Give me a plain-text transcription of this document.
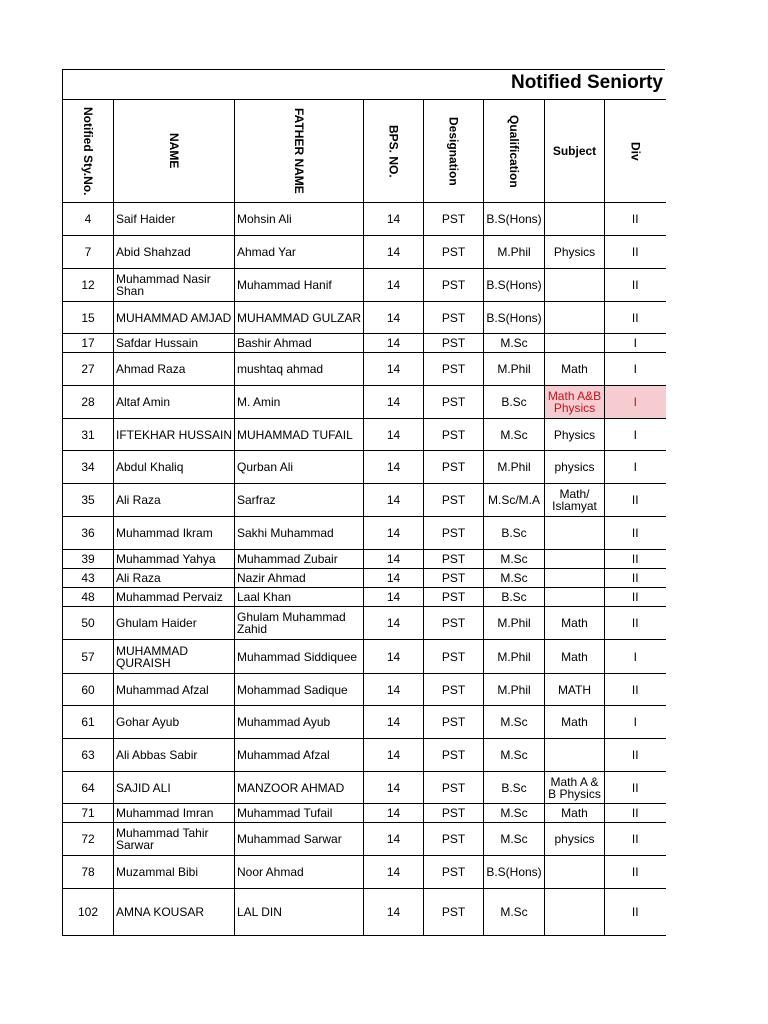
Notified Seniorty
Notified Sty.No.	NAME	FATHER NAME	BPS. NO.	Designation	Qualification	Subject	Div

4	Saif Haider	Mohsin Ali	14	PST	B.S(Hons)		II
7	Abid Shahzad	Ahmad Yar	14	PST	M.Phil	Physics	II
12	Muhammad Nasir Shan	Muhammad Hanif	14	PST	B.S(Hons)		II
15	MUHAMMAD AMJAD	MUHAMMAD GULZAR	14	PST	B.S(Hons)		II
17	Safdar Hussain	Bashir Ahmad	14	PST	M.Sc		I
27	Ahmad Raza	mushtaq ahmad	14	PST	M.Phil	Math	I
28	Altaf Amin	M. Amin	14	PST	B.Sc	Math A&B Physics	I
31	IFTEKHAR HUSSAIN	MUHAMMAD TUFAIL	14	PST	M.Sc	Physics	I
34	Abdul Khaliq	Qurban Ali	14	PST	M.Phil	physics	I
35	Ali Raza	Sarfraz	14	PST	M.Sc/M.A	Math/ Islamyat	II
36	Muhammad Ikram	Sakhi Muhammad	14	PST	B.Sc		II
39	Muhammad Yahya	Muhammad Zubair	14	PST	M.Sc		II
43	Ali Raza	Nazir Ahmad	14	PST	M.Sc		II
48	Muhammad Pervaiz	Laal Khan	14	PST	B.Sc		II
50	Ghulam Haider	Ghulam Muhammad Zahid	14	PST	M.Phil	Math	II
57	MUHAMMAD QURAISH	Muhammad Siddiquee	14	PST	M.Phil	Math	I
60	Muhammad Afzal	Mohammad Sadique	14	PST	M.Phil	MATH	II
61	Gohar Ayub	Muhammad Ayub	14	PST	M.Sc	Math	I
63	Ali Abbas Sabir	Muhammad Afzal	14	PST	M.Sc		II
64	SAJID ALI	MANZOOR AHMAD	14	PST	B.Sc	Math A & B Physics	II
71	Muhammad Imran	Muhammad Tufail	14	PST	M.Sc	Math	II
72	Muhammad Tahir Sarwar	Muhammad Sarwar	14	PST	M.Sc	physics	II
78	Muzammal Bibi	Noor Ahmad	14	PST	B.S(Hons)		II
102	AMNA KOUSAR	LAL DIN	14	PST	M.Sc		II
